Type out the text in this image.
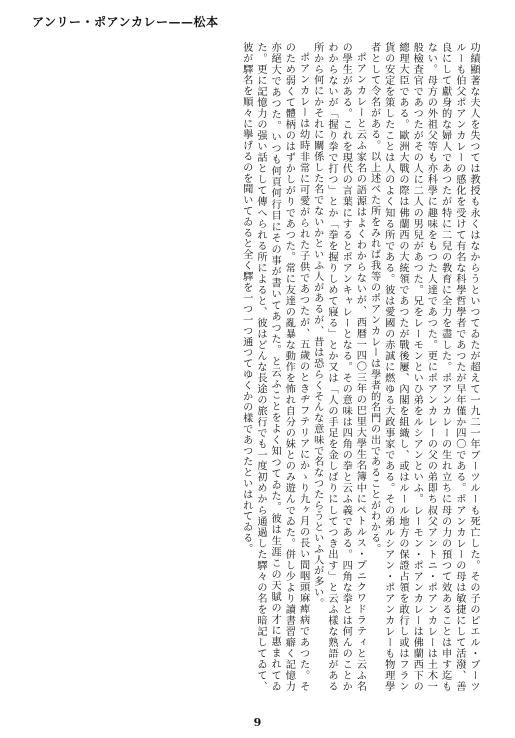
アンリー・ポアンカレー——松本

功績顯著な夫人を失つては教授も永くはなからうといつてゐたが超えて一九二一年ブーツルーも死亡した。その子のピエル・ブーツルーも伯父ポアンカレーの感化を受けて有名な科學哲學者であつたが早年僅か四〇である。ポアンカレーの母は敏捷にして活潑、善良にして獻身的な婦人であつたが特に二兒の教育に全力を盡した。ポアンカレーの生れ立ちに母の力の預つて效あることは申す迄もない。母方の外祖父等も亦科學に趣味をもつた人達であつた。更にポアンカレーの父の弟即ち叔父アントニ・ポアンカレーは土木一般檢査官であつたがその人に二人の男兒があつた。兄をレーモンといひ弟をルシアンといふ。レーモン・ポアンカレーは佛蘭西下の總理大臣である。歐洲大戰の際は佛蘭西の大統領であつたが戰後屢、內閣を組織し、或はルール地方の保證占領を敢行し或はフラン貨の安定を策したことは人のよく知る所である。彼は愛國の赤誠に燃ゆる大政事家である。その弟ルシアン・ポアンカレーも物理學者として令名がある。以上述べた所をみれば我等のポアンカレーは學者的名門の出であることがわかる。

ポアンカレーと云ふ家名の語源はよくわからないが、西暦一四〇三年の巴里大學生名簿中にペトルス・プニクワドラティと云ふ名の學生がある。これを現代の言葉にするとポアンキャレーとなる。その意味は四角の拳と云ふ義である。四角な拳とは何んのことかわからないが「握り拳で打つ」とか「拳を握りしめて寢る」とか又は「人の手足を金しばりにしてつき出す」と云ふ樣な熟語がある所から何にかそれに關係した名でないかといふ人があるが、昔は恐らくそんな意味で名なつたらうといふ人が多い。

ポアンカレーは幼時非常に可愛がられた子供であつたが、五歲のときヂフテリアにかゝり九ヶ月の長い間咽頭麻痺病であつた。そのため弱くて體柄のはずかしがりであつた。常に友達の亂暴な動作を怖れ自分の妹とのみ遊んでゐた。併し少より讀書習癖く記憶力亦絕大であつた。いつも何頁何行目にその事が書いてあつた。と云ふことをよく知つてゐた。彼は生涯この天賦の才に惠まれてゐた。更に記憶力の强い話として傳へられる所によると、彼はどんな長途の旅行でも一度初めから通過した驛々の名を暗記してゐて、彼が驛名を順々に擧げるのを聞いてゐると全く驛を一つ一つ通つてゆくかの樣であつたといはれてゐる。

9
